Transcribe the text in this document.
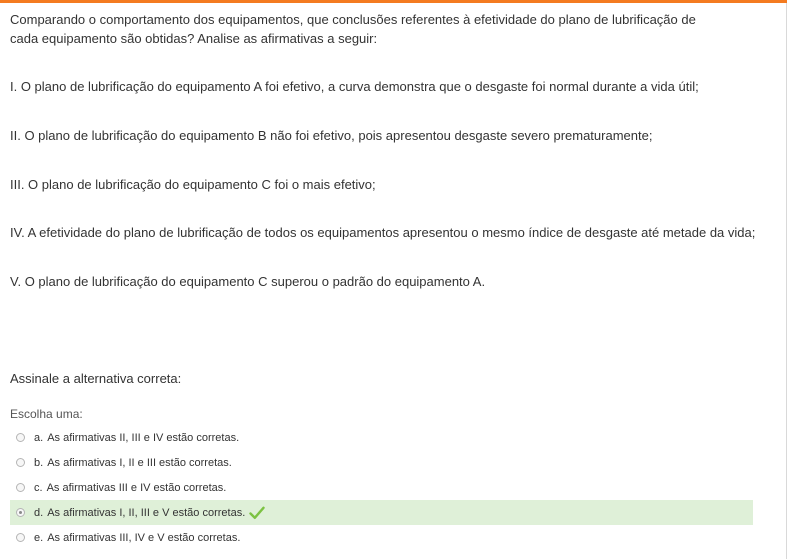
Comparando o comportamento dos equipamentos, que conclusões referentes à efetividade do plano de lubrificação de cada equipamento são obtidas? Analise as afirmativas a seguir:

I. O plano de lubrificação do equipamento A foi efetivo, a curva demonstra que o desgaste foi normal durante a vida útil;

II. O plano de lubrificação do equipamento B não foi efetivo, pois apresentou desgaste severo prematuramente;

III. O plano de lubrificação do equipamento C foi o mais efetivo;

IV. A efetividade do plano de lubrificação de todos os equipamentos apresentou o mesmo índice de desgaste até metade da vida;

V. O plano de lubrificação do equipamento C superou o padrão do equipamento A.

Assinale a alternativa correta:

Escolha uma:

a. As afirmativas II, III e IV estão corretas.
b. As afirmativas I, II e III estão corretas.
c. As afirmativas III e IV estão corretas.
d. As afirmativas I, II, III e V estão corretas.
e. As afirmativas III, IV e V estão corretas.
